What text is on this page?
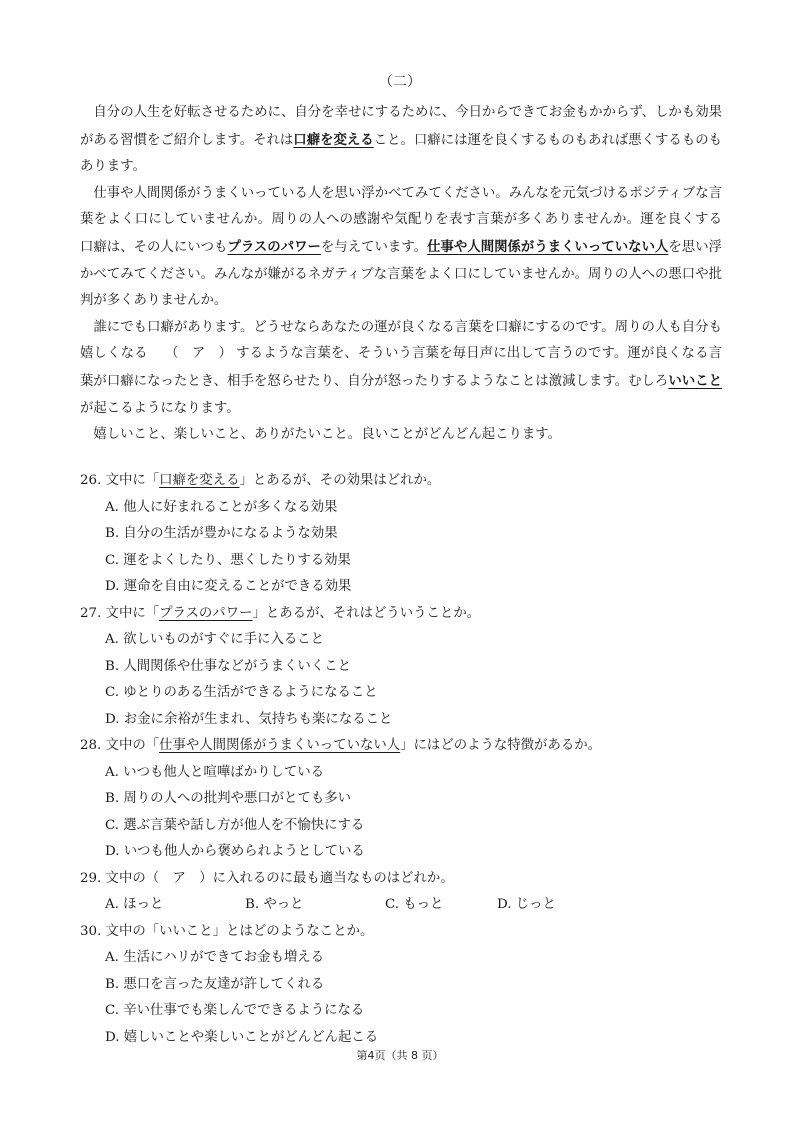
（二）

自分の人生を好転させるために、自分を幸せにするために、今日からできてお金もかからず、しかも効果がある習慣をご紹介します。それは口癖を変えること。口癖には運を良くするものもあれば悪くするものもあります。

仕事や人間関係がうまくいっている人を思い浮かべてみてください。みんなを元気づけるポジティブな言葉をよく口にしていませんか。周りの人への感謝や気配りを表す言葉が多くありませんか。運を良くする口癖は、その人にいつもプラスのパワーを与えています。仕事や人間関係がうまくいっていない人を思い浮かべてみてください。みんなが嫌がるネガティブな言葉をよく口にしていませんか。周りの人への悪口や批判が多くありませんか。

誰にでも口癖があります。どうせならあなたの運が良くなる言葉を口癖にするのです。周りの人も自分も嬉しくなる （　ア　） するような言葉を、そういう言葉を毎日声に出して言うのです。運が良くなる言葉が口癖になったとき、相手を怒らせたり、自分が怒ったりするようなことは激減します。むしろいいことが起こるようになります。

嬉しいこと、楽しいこと、ありがたいこと。良いことがどんどん起こります。

26. 文中に「口癖を変える」とあるが、その効果はどれか。
A. 他人に好まれることが多くなる効果
B. 自分の生活が豊かになるような効果
C. 運をよくしたり、悪くしたりする効果
D. 運命を自由に変えることができる効果
27. 文中に「プラスのパワー」とあるが、それはどういうことか。
A. 欲しいものがすぐに手に入ること
B. 人間関係や仕事などがうまくいくこと
C. ゆとりのある生活ができるようになること
D. お金に余裕が生まれ、気持ちも楽になること
28. 文中の「仕事や人間関係がうまくいっていない人」にはどのような特徴があるか。
A. いつも他人と喧嘩ばかりしている
B. 周りの人への批判や悪口がとても多い
C. 選ぶ言葉や話し方が他人を不愉快にする
D. いつも他人から褒められようとしている
29. 文中の（　ア　）に入れるのに最も適当なものはどれか。
A. ほっと	B. やっと	C. もっと	D. じっと
30. 文中の「いいこと」とはどのようなことか。
A. 生活にハリができてお金も増える
B. 悪口を言った友達が許してくれる
C. 辛い仕事でも楽しんでできるようになる
D. 嬉しいことや楽しいことがどんどん起こる
第4页（共 8 页）
